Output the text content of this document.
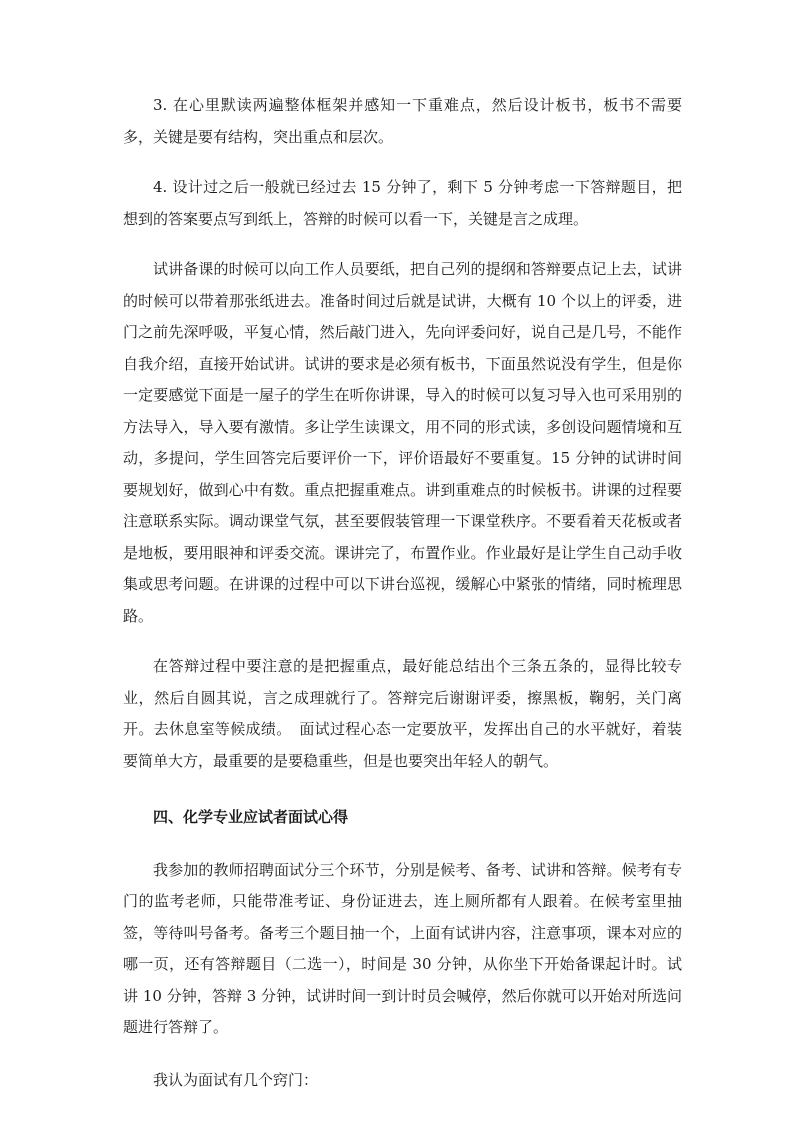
3. 在心里默读两遍整体框架并感知一下重难点，然后设计板书，板书不需要多，关键是要有结构，突出重点和层次。

4. 设计过之后一般就已经过去 15 分钟了，剩下 5 分钟考虑一下答辩题目，把想到的答案要点写到纸上，答辩的时候可以看一下，关键是言之成理。

试讲备课的时候可以向工作人员要纸，把自己列的提纲和答辩要点记上去，试讲的时候可以带着那张纸进去。准备时间过后就是试讲，大概有 10 个以上的评委，进门之前先深呼吸，平复心情，然后敲门进入，先向评委问好，说自己是几号，不能作自我介绍，直接开始试讲。试讲的要求是必须有板书，下面虽然说没有学生，但是你一定要感觉下面是一屋子的学生在听你讲课，导入的时候可以复习导入也可采用别的方法导入，导入要有激情。多让学生读课文，用不同的形式读，多创设问题情境和互动，多提问，学生回答完后要评价一下，评价语最好不要重复。15 分钟的试讲时间要规划好，做到心中有数。重点把握重难点。讲到重难点的时候板书。讲课的过程要注意联系实际。调动课堂气氛，甚至要假装管理一下课堂秩序。不要看着天花板或者是地板，要用眼神和评委交流。课讲完了，布置作业。作业最好是让学生自己动手收集或思考问题。在讲课的过程中可以下讲台巡视，缓解心中紧张的情绪，同时梳理思路。

在答辩过程中要注意的是把握重点，最好能总结出个三条五条的，显得比较专业，然后自圆其说，言之成理就行了。答辩完后谢谢评委，擦黑板，鞠躬，关门离开。去休息室等候成绩。　面试过程心态一定要放平，发挥出自己的水平就好，着装要简单大方，最重要的是要稳重些，但是也要突出年轻人的朝气。

四、化学专业应试者面试心得

我参加的教师招聘面试分三个环节，分别是候考、备考、试讲和答辩。候考有专门的监考老师，只能带准考证、身份证进去，连上厕所都有人跟着。在候考室里抽签，等待叫号备考。备考三个题目抽一个，上面有试讲内容，注意事项，课本对应的哪一页，还有答辩题目（二选一），时间是 30 分钟，从你坐下开始备课起计时。试讲 10 分钟，答辩 3 分钟，试讲时间一到计时员会喊停，然后你就可以开始对所选问题进行答辩了。

我认为面试有几个窍门：
